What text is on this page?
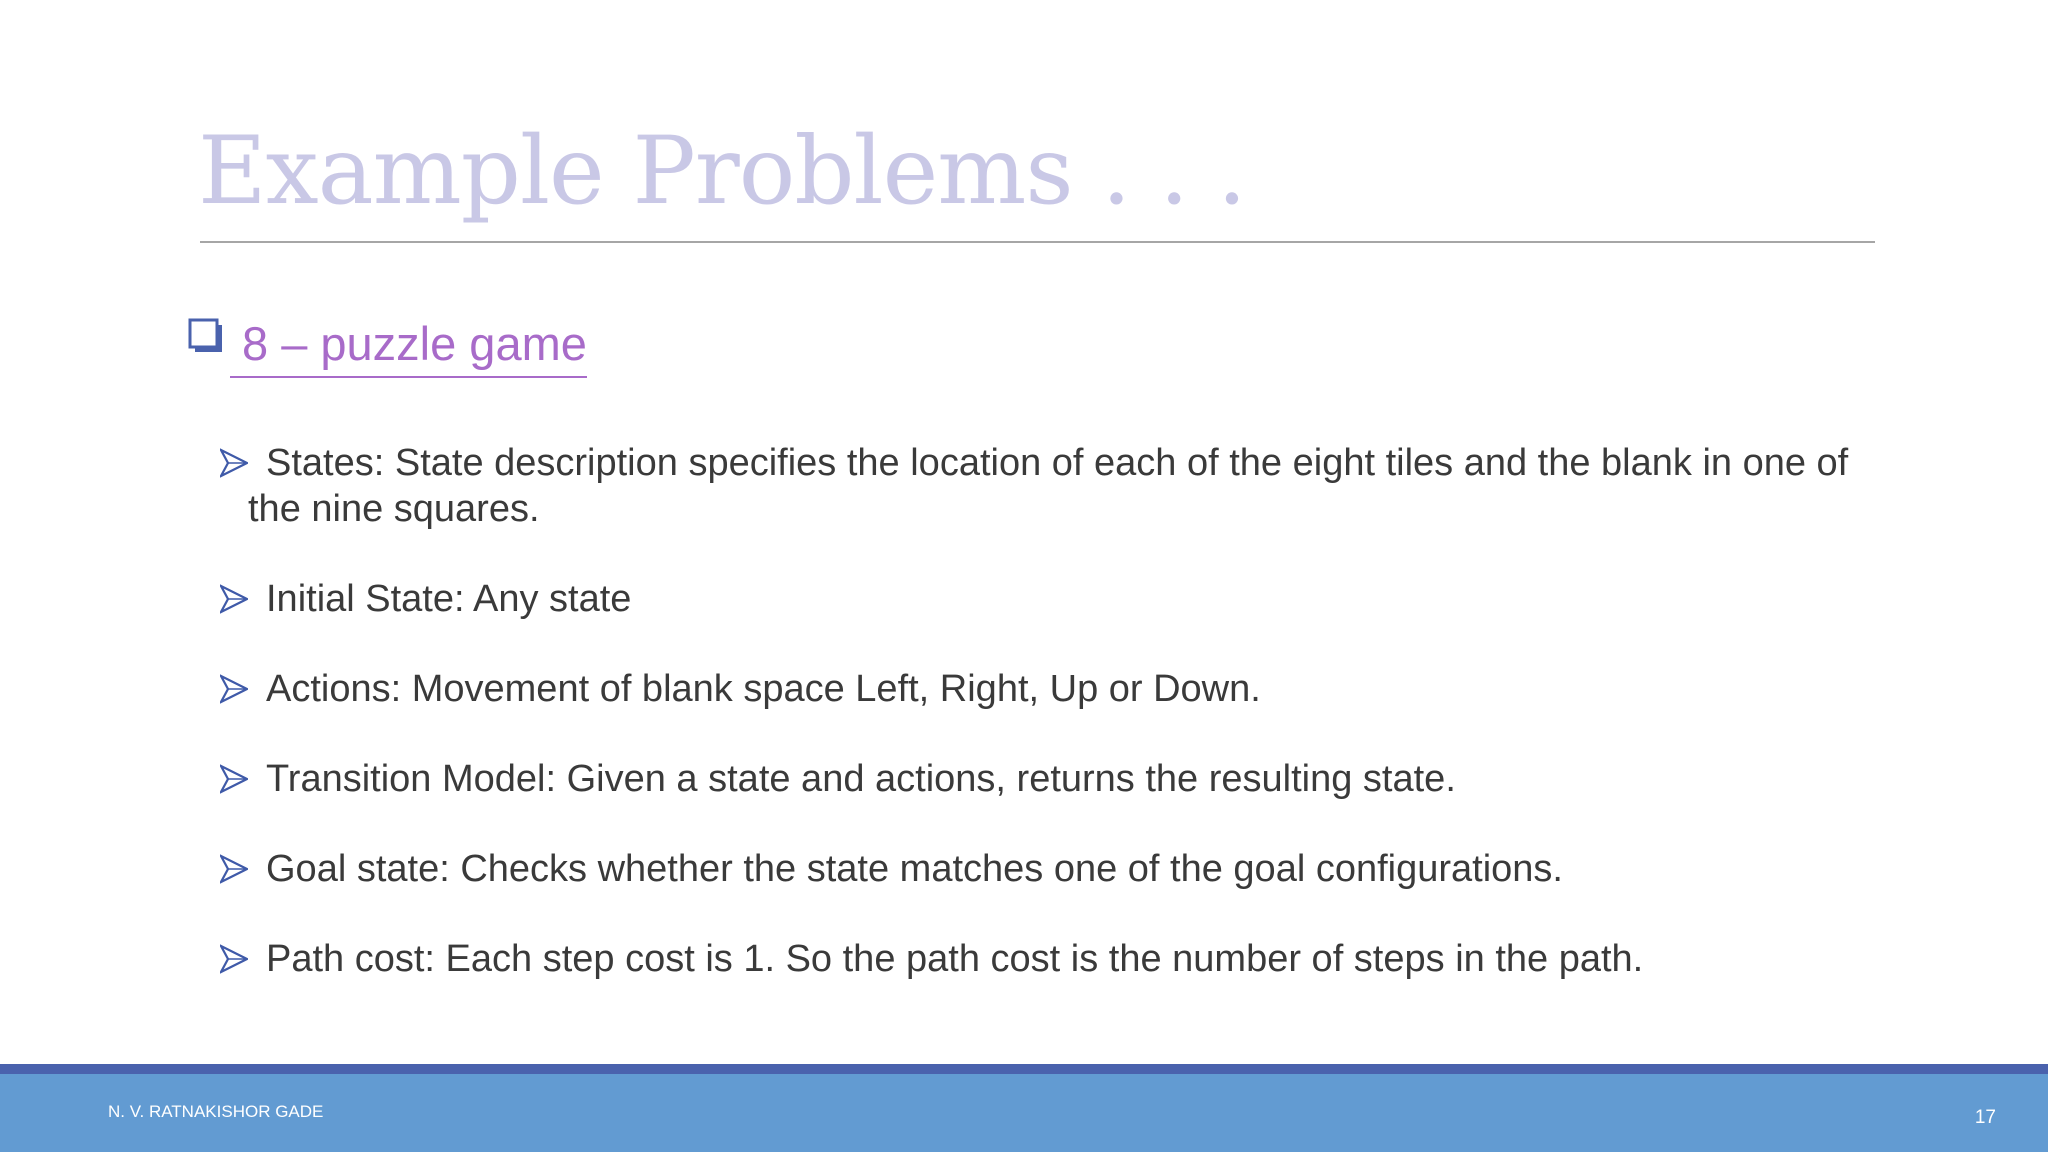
Example Problems . . .
8 – puzzle game
States: State description specifies the location of each of the eight tiles and the blank in one of the nine squares.
Initial State: Any state
Actions: Movement of blank space Left, Right, Up or Down.
Transition Model: Given a state and actions, returns the resulting state.
Goal state: Checks whether the state matches one of the goal configurations.
Path cost: Each step cost is 1. So the path cost is the number of steps in the path.
N. V. RATNAKISHOR GADE	17
